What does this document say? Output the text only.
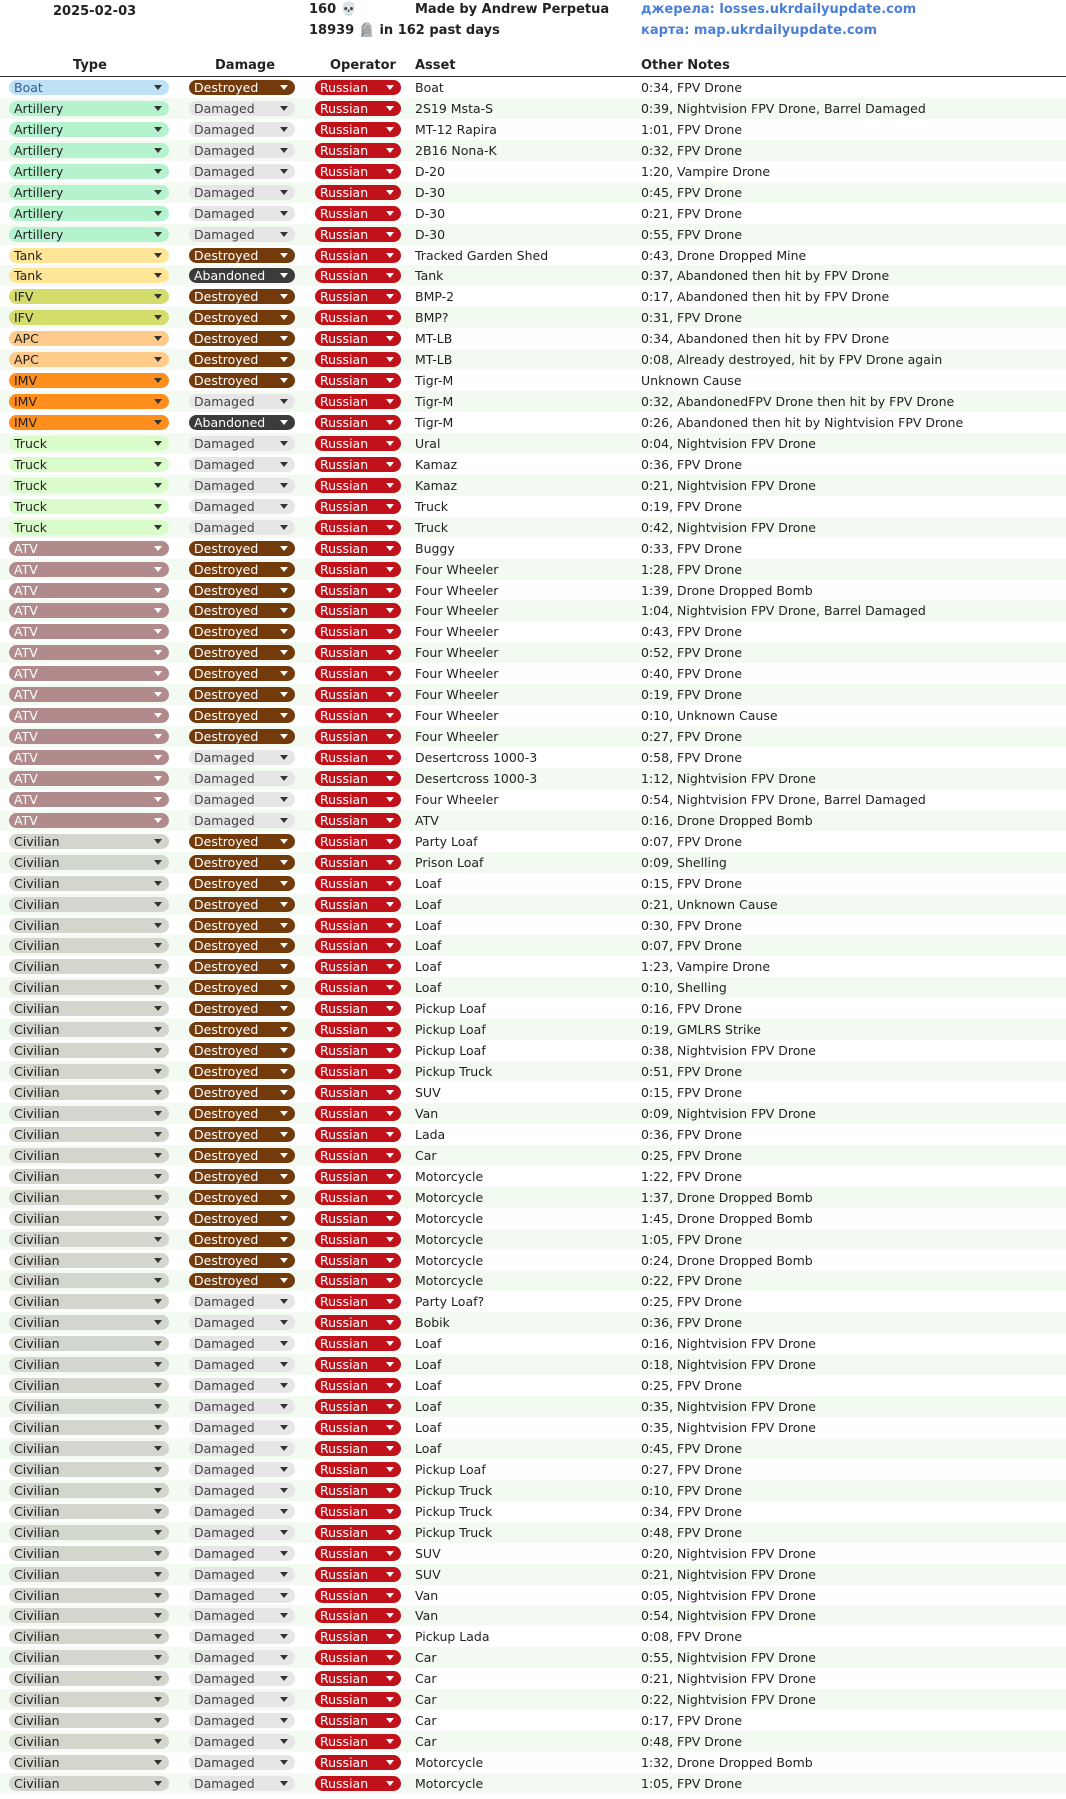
2025-02-03	160 💀
18939 🪦 in 162 past days
Made by Andrew Perpetua джерела: losses.ukrdailyupdate.com
карта: map.ukrdailyupdate.com
Type	Damage	Operator Asset	Other Notes
Boat	Destroyed	Russian	Boat	0:34, FPV Drone
Artillery	Damaged	Russian	2S19 Msta-S	0:39, Nightvision FPV Drone, Barrel Damaged
Artillery	Damaged	Russian	MT-12 Rapira	1:01, FPV Drone
Artillery	Damaged	Russian	2B16 Nona-K	0:32, FPV Drone
Artillery	Damaged	Russian	D-20	1:20, Vampire Drone
Artillery	Damaged	Russian	D-30	0:45, FPV Drone
Artillery	Damaged	Russian	D-30	0:21, FPV Drone
Artillery	Damaged	Russian	D-30	0:55, FPV Drone
Tank	Destroyed	Russian	Tracked Garden Shed	0:43, Drone Dropped Mine
Tank	Abandoned	Russian	Tank	0:37, Abandoned then hit by FPV Drone
IFV	Destroyed	Russian	BMP-2	0:17, Abandoned then hit by FPV Drone
IFV	Destroyed	Russian	BMP?	0:31, FPV Drone
APC	Destroyed	Russian	MT-LB	0:34, Abandoned then hit by FPV Drone
APC	Destroyed	Russian	MT-LB	0:08, Already destroyed, hit by FPV Drone again
IMV	Destroyed	Russian	Tigr-M	Unknown Cause
IMV	Damaged	Russian	Tigr-M	0:32, AbandonedFPV Drone then hit by FPV Drone
IMV	Abandoned	Russian	Tigr-M	0:26, Abandoned then hit by Nightvision FPV Drone
Truck	Damaged	Russian	Ural	0:04, Nightvision FPV Drone
Truck	Damaged	Russian	Kamaz	0:36, FPV Drone
Truck	Damaged	Russian	Kamaz	0:21, Nightvision FPV Drone
Truck	Damaged	Russian	Truck	0:19, FPV Drone
Truck	Damaged	Russian	Truck	0:42, Nightvision FPV Drone
ATV	Destroyed	Russian	Buggy	0:33, FPV Drone
ATV	Destroyed	Russian	Four Wheeler	1:28, FPV Drone
ATV	Destroyed	Russian	Four Wheeler	1:39, Drone Dropped Bomb
ATV	Destroyed	Russian	Four Wheeler	1:04, Nightvision FPV Drone, Barrel Damaged
ATV	Destroyed	Russian	Four Wheeler	0:43, FPV Drone
ATV	Destroyed	Russian	Four Wheeler	0:52, FPV Drone
ATV	Destroyed	Russian	Four Wheeler	0:40, FPV Drone
ATV	Destroyed	Russian	Four Wheeler	0:19, FPV Drone
ATV	Destroyed	Russian	Four Wheeler	0:10, Unknown Cause
ATV	Destroyed	Russian	Four Wheeler	0:27, FPV Drone
ATV	Damaged	Russian	Desertcross 1000-3	0:58, FPV Drone
ATV	Damaged	Russian	Desertcross 1000-3	1:12, Nightvision FPV Drone
ATV	Damaged	Russian	Four Wheeler	0:54, Nightvision FPV Drone, Barrel Damaged
ATV	Damaged	Russian	ATV	0:16, Drone Dropped Bomb
Civilian	Destroyed	Russian	Party Loaf	0:07, FPV Drone
Civilian	Destroyed	Russian	Prison Loaf	0:09, Shelling
Civilian	Destroyed	Russian	Loaf	0:15, FPV Drone
Civilian	Destroyed	Russian	Loaf	0:21, Unknown Cause
Civilian	Destroyed	Russian	Loaf	0:30, FPV Drone
Civilian	Destroyed	Russian	Loaf	0:07, FPV Drone
Civilian	Destroyed	Russian	Loaf	1:23, Vampire Drone
Civilian	Destroyed	Russian	Loaf	0:10, Shelling
Civilian	Destroyed	Russian	Pickup Loaf	0:16, FPV Drone
Civilian	Destroyed	Russian	Pickup Loaf	0:19, GMLRS Strike
Civilian	Destroyed	Russian	Pickup Loaf	0:38, Nightvision FPV Drone
Civilian	Destroyed	Russian	Pickup Truck	0:51, FPV Drone
Civilian	Destroyed	Russian	SUV	0:15, FPV Drone
Civilian	Destroyed	Russian	Van	0:09, Nightvision FPV Drone
Civilian	Destroyed	Russian	Lada	0:36, FPV Drone
Civilian	Destroyed	Russian	Car	0:25, FPV Drone
Civilian	Destroyed	Russian	Motorcycle	1:22, FPV Drone
Civilian	Destroyed	Russian	Motorcycle	1:37, Drone Dropped Bomb
Civilian	Destroyed	Russian	Motorcycle	1:45, Drone Dropped Bomb
Civilian	Destroyed	Russian	Motorcycle	1:05, FPV Drone
Civilian	Destroyed	Russian	Motorcycle	0:24, Drone Dropped Bomb
Civilian	Destroyed	Russian	Motorcycle	0:22, FPV Drone
Civilian	Damaged	Russian	Party Loaf?	0:25, FPV Drone
Civilian	Damaged	Russian	Bobik	0:36, FPV Drone
Civilian	Damaged	Russian	Loaf	0:16, Nightvision FPV Drone
Civilian	Damaged	Russian	Loaf	0:18, Nightvision FPV Drone
Civilian	Damaged	Russian	Loaf	0:25, FPV Drone
Civilian	Damaged	Russian	Loaf	0:35, Nightvision FPV Drone
Civilian	Damaged	Russian	Loaf	0:35, Nightvision FPV Drone
Civilian	Damaged	Russian	Loaf	0:45, FPV Drone
Civilian	Damaged	Russian	Pickup Loaf	0:27, FPV Drone
Civilian	Damaged	Russian	Pickup Truck	0:10, FPV Drone
Civilian	Damaged	Russian	Pickup Truck	0:34, FPV Drone
Civilian	Damaged	Russian	Pickup Truck	0:48, FPV Drone
Civilian	Damaged	Russian	SUV	0:20, Nightvision FPV Drone
Civilian	Damaged	Russian	SUV	0:21, Nightvision FPV Drone
Civilian	Damaged	Russian	Van	0:05, Nightvision FPV Drone
Civilian	Damaged	Russian	Van	0:54, Nightvision FPV Drone
Civilian	Damaged	Russian	Pickup Lada	0:08, FPV Drone
Civilian	Damaged	Russian	Car	0:55, Nightvision FPV Drone
Civilian	Damaged	Russian	Car	0:21, Nightvision FPV Drone
Civilian	Damaged	Russian	Car	0:22, Nightvision FPV Drone
Civilian	Damaged	Russian	Car	0:17, FPV Drone
Civilian	Damaged	Russian	Car	0:48, FPV Drone
Civilian	Damaged	Russian	Motorcycle	1:32, Drone Dropped Bomb
Civilian	Damaged	Russian	Motorcycle	1:05, FPV Drone
